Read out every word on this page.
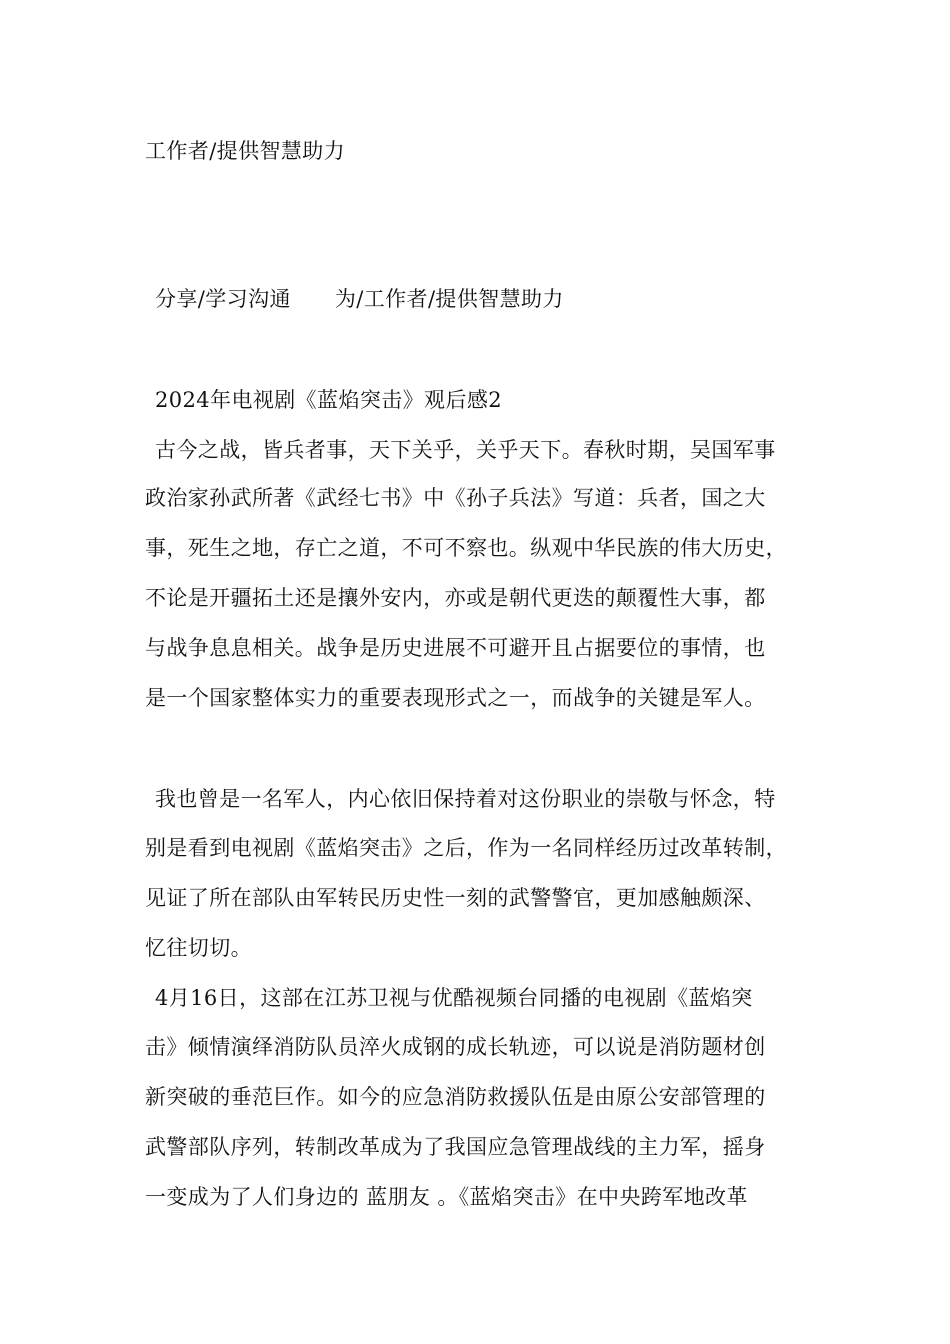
工作者/提供智慧助力
分享/学习沟通 为/工作者/提供智慧助力
2024年电视剧《蓝焰突击》观后感2
古今之战，皆兵者事，天下关乎，关乎天下。春秋时期，吴国军事
政治家孙武所著《武经七书》中《孙子兵法》写道：兵者，国之大
事，死生之地，存亡之道，不可不察也。纵观中华民族的伟大历史，
不论是开疆拓土还是攘外安内，亦或是朝代更迭的颠覆性大事，都
与战争息息相关。战争是历史进展不可避开且占据要位的事情，也
是一个国家整体实力的重要表现形式之一，而战争的关键是军人。
我也曾是一名军人，内心依旧保持着对这份职业的崇敬与怀念，特
别是看到电视剧《蓝焰突击》之后，作为一名同样经历过改革转制，
见证了所在部队由军转民历史性一刻的武警警官，更加感触颇深、
忆往切切。
4月16日，这部在江苏卫视与优酷视频台同播的电视剧《蓝焰突
击》倾情演绎消防队员淬火成钢的成长轨迹，可以说是消防题材创
新突破的垂范巨作。如今的应急消防救援队伍是由原公安部管理的
武警部队序列，转制改革成为了我国应急管理战线的主力军，摇身
一变成为了人们身边的 蓝朋友 。《蓝焰突击》在中央跨军地改革
